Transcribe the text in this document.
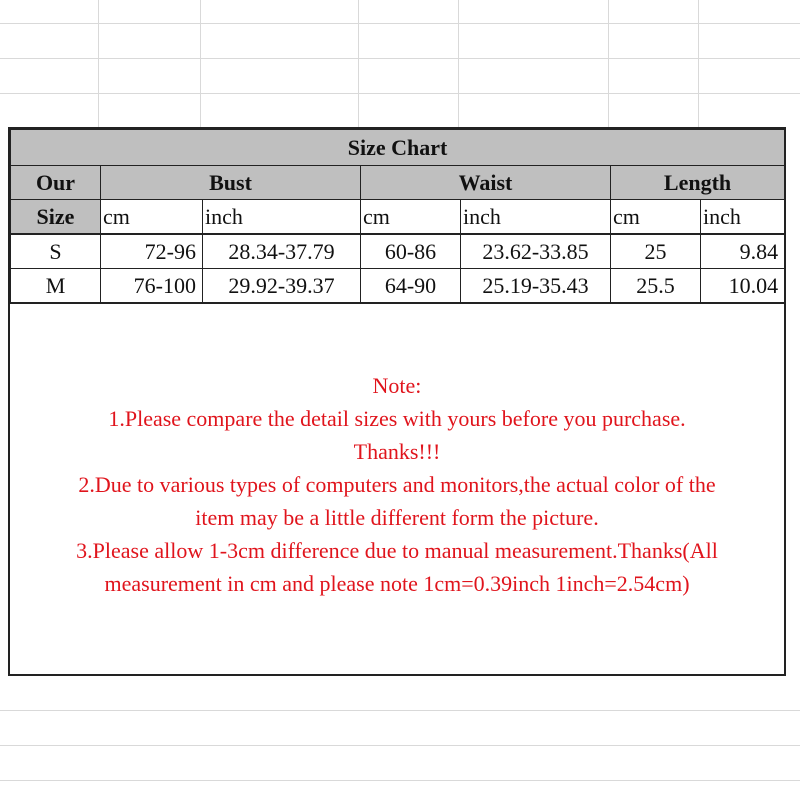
Size Chart						
Our	Bust		Waist		Length	
Size	cm	inch	cm	inch	cm	inch
S	72-96	28.34-37.79	60-86	23.62-33.85	25	9.84
M	76-100	29.92-39.37	64-90	25.19-35.43	25.5	10.04

Note:

1.Please compare the detail sizes with yours before you purchase.

Thanks!!!

2.Due to various types of computers and monitors,the actual color of the

item may be a little different form the picture.

3.Please allow 1-3cm difference due to manual measurement.Thanks(All

measurement in cm and please note 1cm=0.39inch 1inch=2.54cm)
